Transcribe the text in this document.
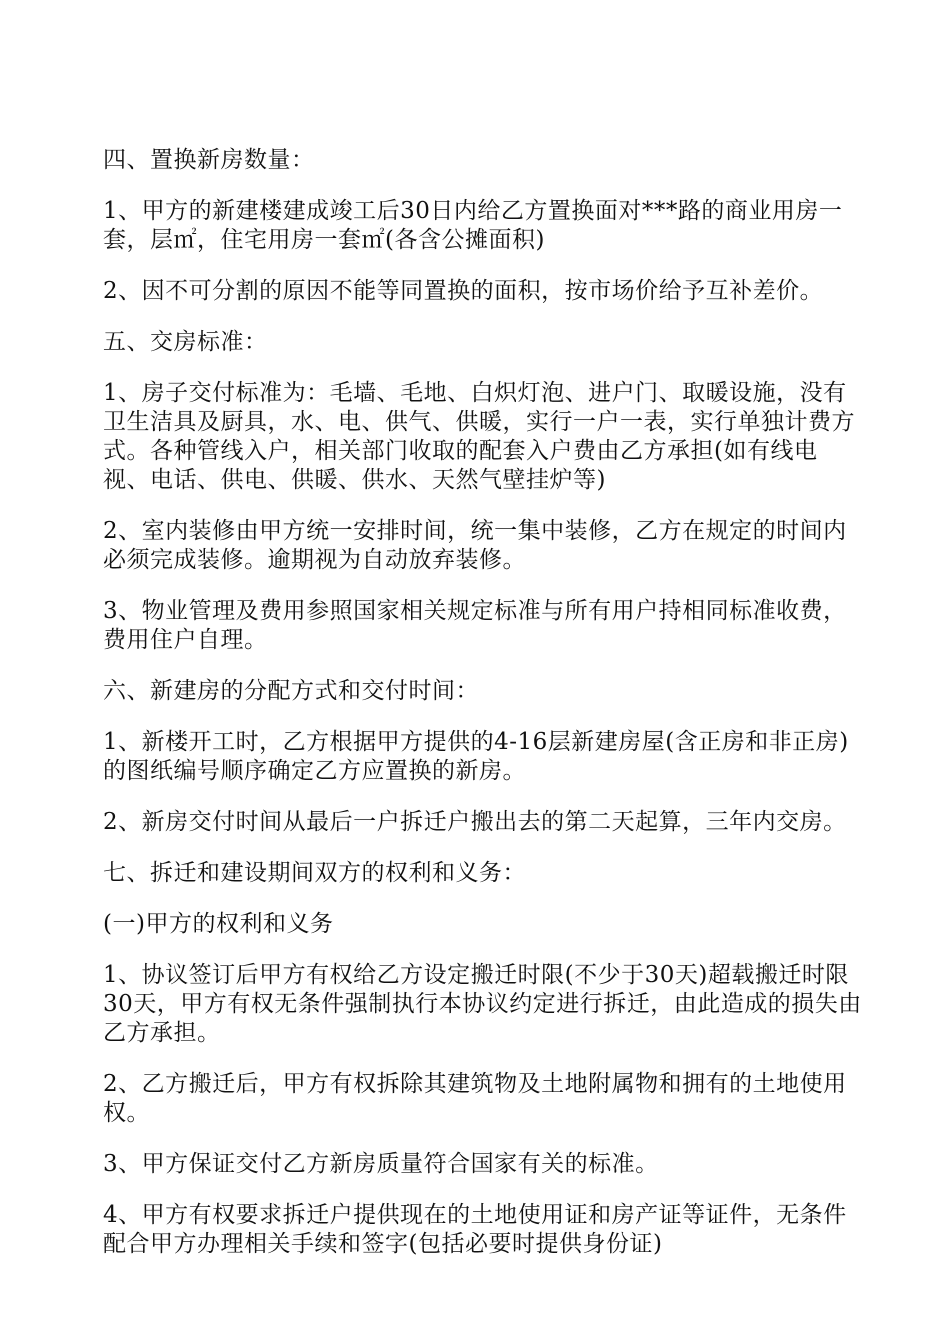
四、置换新房数量：

1、甲方的新建楼建成竣工后30日内给乙方置换面对***路的商业用房一套，层㎡，住宅用房一套㎡(各含公摊面积)

2、因不可分割的原因不能等同置换的面积，按市场价给予互补差价。

五、交房标准：

1、房子交付标准为：毛墙、毛地、白炽灯泡、进户门、取暖设施，没有卫生洁具及厨具，水、电、供气、供暖，实行一户一表，实行单独计费方式。各种管线入户，相关部门收取的配套入户费由乙方承担(如有线电视、电话、供电、供暖、供水、天然气壁挂炉等)

2、室内装修由甲方统一安排时间，统一集中装修，乙方在规定的时间内必须完成装修。逾期视为自动放弃装修。

3、物业管理及费用参照国家相关规定标准与所有用户持相同标准收费，费用住户自理。

六、新建房的分配方式和交付时间：

1、新楼开工时，乙方根据甲方提供的4-16层新建房屋(含正房和非正房)的图纸编号顺序确定乙方应置换的新房。

2、新房交付时间从最后一户拆迁户搬出去的第二天起算，三年内交房。

七、拆迁和建设期间双方的权利和义务：

(一)甲方的权利和义务

1、协议签订后甲方有权给乙方设定搬迁时限(不少于30天)超载搬迁时限30天，甲方有权无条件强制执行本协议约定进行拆迁，由此造成的损失由乙方承担。

2、乙方搬迁后，甲方有权拆除其建筑物及土地附属物和拥有的土地使用权。

3、甲方保证交付乙方新房质量符合国家有关的标准。

4、甲方有权要求拆迁户提供现在的土地使用证和房产证等证件，无条件配合甲方办理相关手续和签字(包括必要时提供身份证)
